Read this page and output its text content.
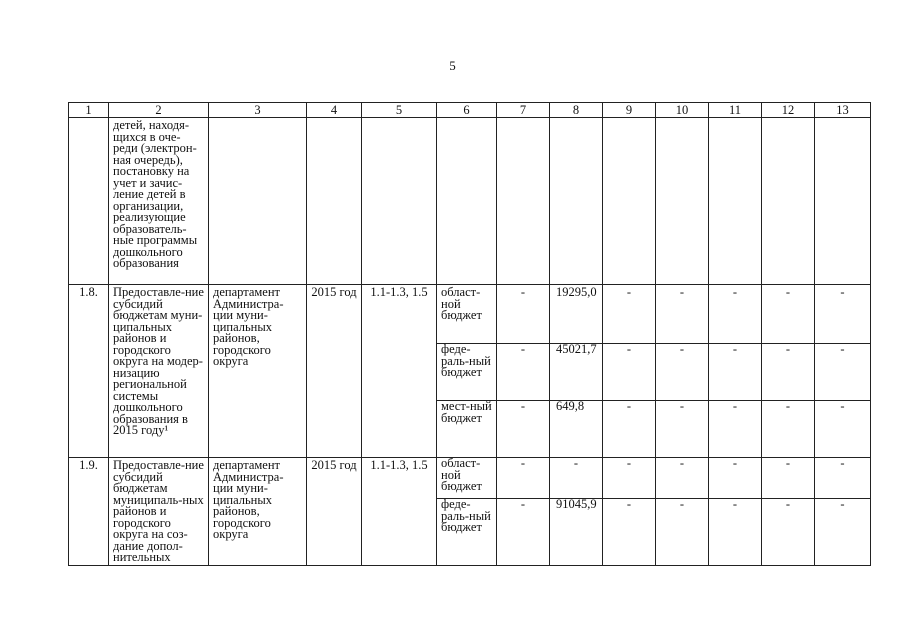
5
1	2	3	4	5	6	7	8	9	10	11	12	13
	детей, находя-щихся в оче-реди (электрон-ная очередь), постановку на учет и зачис-ление детей в организации, реализующие образователь-ные программы дошкольного образования											
1.8.	Предоставле-ние субсидий бюджетам муни-ципальных районов и городского округа на модер-низацию региональной системы дошкольного образования в 2015 году¹	департамент Администра-ции муни-ципальных районов, городского округа	2015 год	1.1-1.3, 1.5	област-ной бюджет	-	19295,0	-	-	-	-	-
					феде-раль-ный бюджет	-	45021,7	-	-	-	-	-
					мест-ный бюджет	-	649,8	-	-	-	-	-
1.9.	Предоставле-ние субсидий бюджетам муниципаль-ных районов и городского округа на соз-дание допол-нительных	департамент Администра-ции муни-ципальных районов, городского округа	2015 год	1.1-1.3, 1.5	област-ной бюджет	-	-	-	-	-	-	-
					феде-раль-ный бюджет	-	91045,9	-	-	-	-	-
